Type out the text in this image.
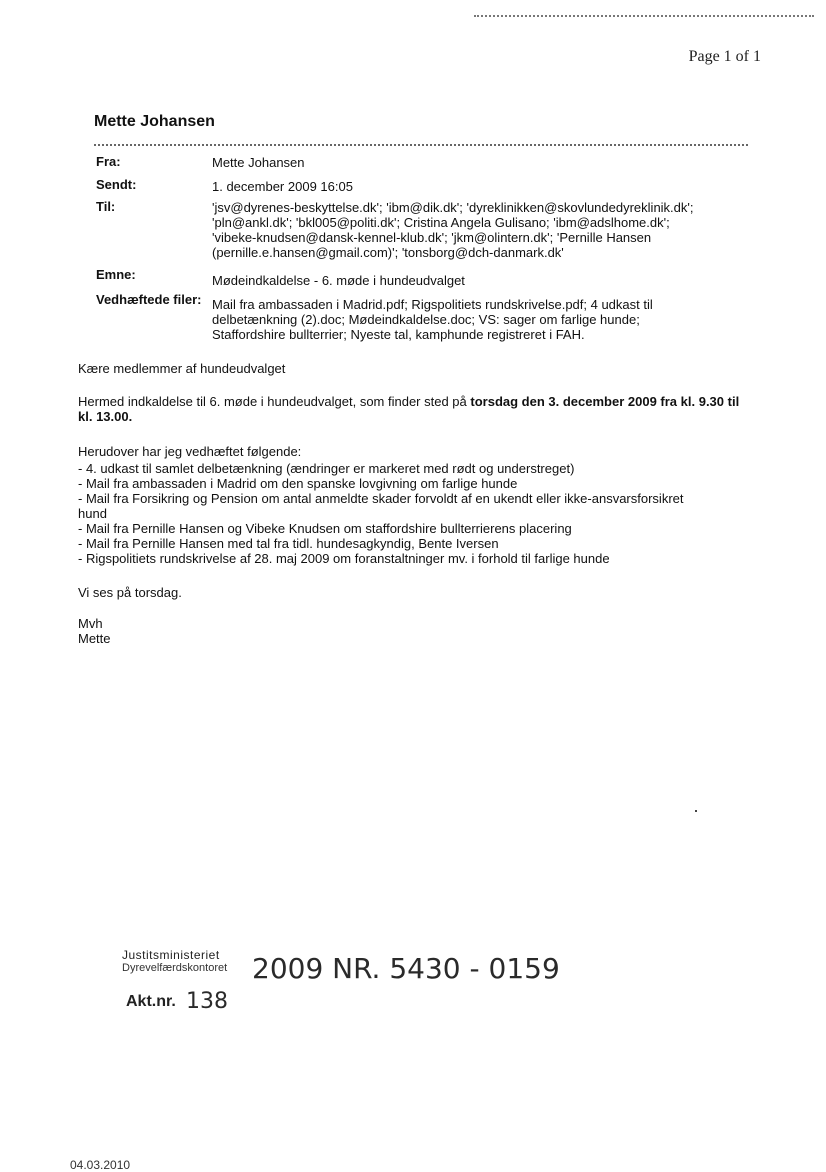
Page 1 of 1
Mette Johansen
Fra:	Mette Johansen
Sendt:	1. december 2009 16:05
Til:	'jsv@dyrenes-beskyttelse.dk'; 'ibm@dik.dk'; 'dyreklinikken@skovlundedyreklinik.dk';
'pln@ankl.dk'; 'bkl005@politi.dk'; Cristina Angela Gulisano; 'ibm@adslhome.dk';
'vibeke-knudsen@dansk-kennel-klub.dk'; 'jkm@olintern.dk'; 'Pernille Hansen
(pernille.e.hansen@gmail.com)'; 'tonsborg@dch-danmark.dk'
Emne:	Mødeindkaldelse - 6. møde i hundeudvalget
Vedhæftede filer: Mail fra ambassaden i Madrid.pdf; Rigspolitiets rundskrivelse.pdf; 4 udkast til
delbetænkning (2).doc; Mødeindkaldelse.doc; VS: sager om farlige hunde;
Staffordshire bullterrier; Nyeste tal, kamphunde registreret i FAH.
Kære medlemmer af hundeudvalget
Hermed indkaldelse til 6. møde i hundeudvalget, som finder sted på torsdag den 3. december 2009 fra kl. 9.30 til kl. 13.00.
Herudover har jeg vedhæftet følgende:
- 4. udkast til samlet delbetænkning (ændringer er markeret med rødt og understreget)
- Mail fra ambassaden i Madrid om den spanske lovgivning om farlige hunde
- Mail fra Forsikring og Pension om antal anmeldte skader forvoldt af en ukendt eller ikke-ansvarsforsikret
hund
- Mail fra Pernille Hansen og Vibeke Knudsen om staffordshire bullterrierens placering
- Mail fra Pernille Hansen med tal fra tidl. hundesagkyndig, Bente Iversen
- Rigspolitiets rundskrivelse af 28. maj 2009 om foranstaltninger mv. i forhold til farlige hunde
Vi ses på torsdag.
Mvh
Mette
Justitsministeriet
Dyrevelfærdskontoret 2009 NR. 5430 - 0159
Akt.nr. 138
04.03.2010
